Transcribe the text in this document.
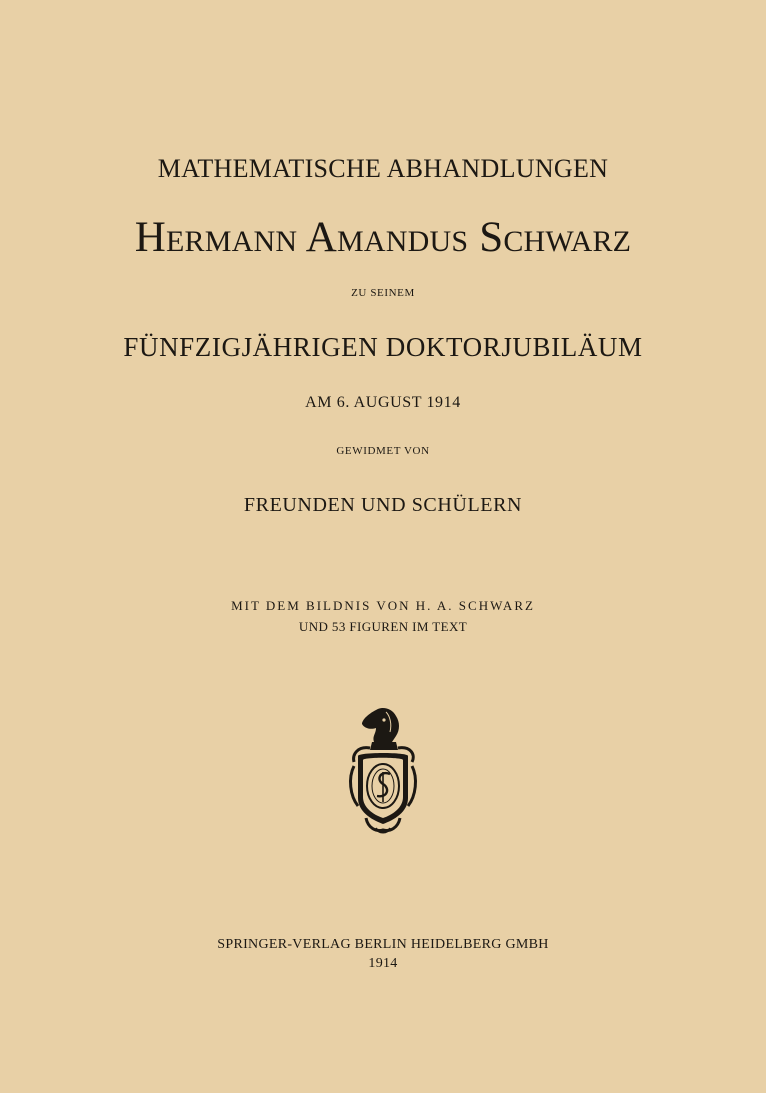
MATHEMATISCHE ABHANDLUNGEN
Hermann Amandus Schwarz
ZU SEINEM
FÜNFZIGJÄHRIGEN DOKTORJUBILÄUM
AM 6. AUGUST 1914
GEWIDMET VON
FREUNDEN UND SCHÜLERN
MIT DEM BILDNIS VON H. A. SCHWARZ
UND 53 FIGUREN IM TEXT
SPRINGER-VERLAG BERLIN HEIDELBERG GMBH
1914
